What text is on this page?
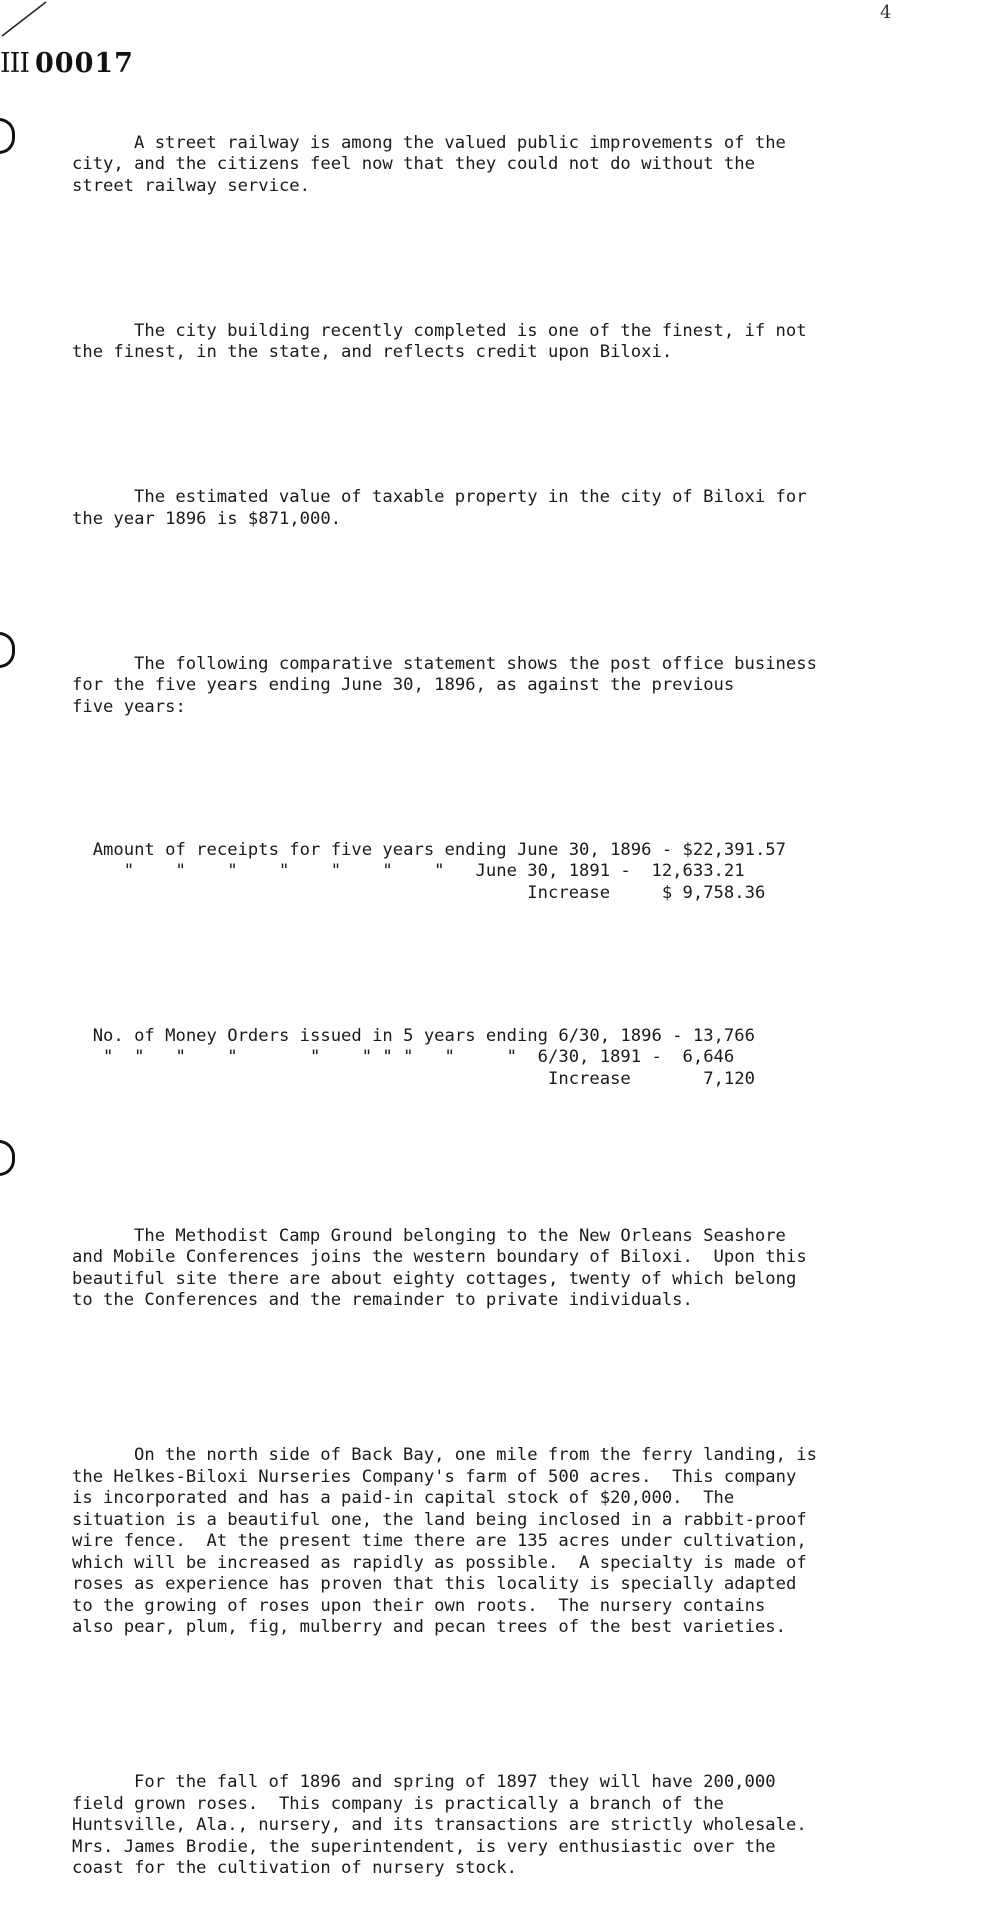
4
III 00017

A street railway is among the valued public improvements of the
city, and the citizens feel now that they could not do without the
street railway service.

The city building recently completed is one of the finest, if not
the finest, in the state, and reflects credit upon Biloxi.

The estimated value of taxable property in the city of Biloxi for
the year 1896 is $871,000.

The following comparative statement shows the post office business
for the five years ending June 30, 1896, as against the previous
five years:

Amount of receipts for five years ending June 30, 1896 - $22,391.57
"    "    "    "    "    "    "   June 30, 1891 -  12,633.21
Increase     $ 9,758.36

No. of Money Orders issued in 5 years ending 6/30, 1896 - 13,766
"  "   "    "       "    " " "   "     "  6/30, 1891 -  6,646
Increase       7,120

The Methodist Camp Ground belonging to the New Orleans Seashore
and Mobile Conferences joins the western boundary of Biloxi.  Upon this
beautiful site there are about eighty cottages, twenty of which belong
to the Conferences and the remainder to private individuals.

On the north side of Back Bay, one mile from the ferry landing, is
the Helkes-Biloxi Nurseries Company's farm of 500 acres.  This company
is incorporated and has a paid-in capital stock of $20,000.  The
situation is a beautiful one, the land being inclosed in a rabbit-proof
wire fence.  At the present time there are 135 acres under cultivation,
which will be increased as rapidly as possible.  A specialty is made of
roses as experience has proven that this locality is specially adapted
to the growing of roses upon their own roots.  The nursery contains
also pear, plum, fig, mulberry and pecan trees of the best varieties.

For the fall of 1896 and spring of 1897 they will have 200,000
field grown roses.  This company is practically a branch of the
Huntsville, Ala., nursery, and its transactions are strictly wholesale.
Mrs. James Brodie, the superintendent, is very enthusiastic over the
coast for the cultivation of nursery stock.
